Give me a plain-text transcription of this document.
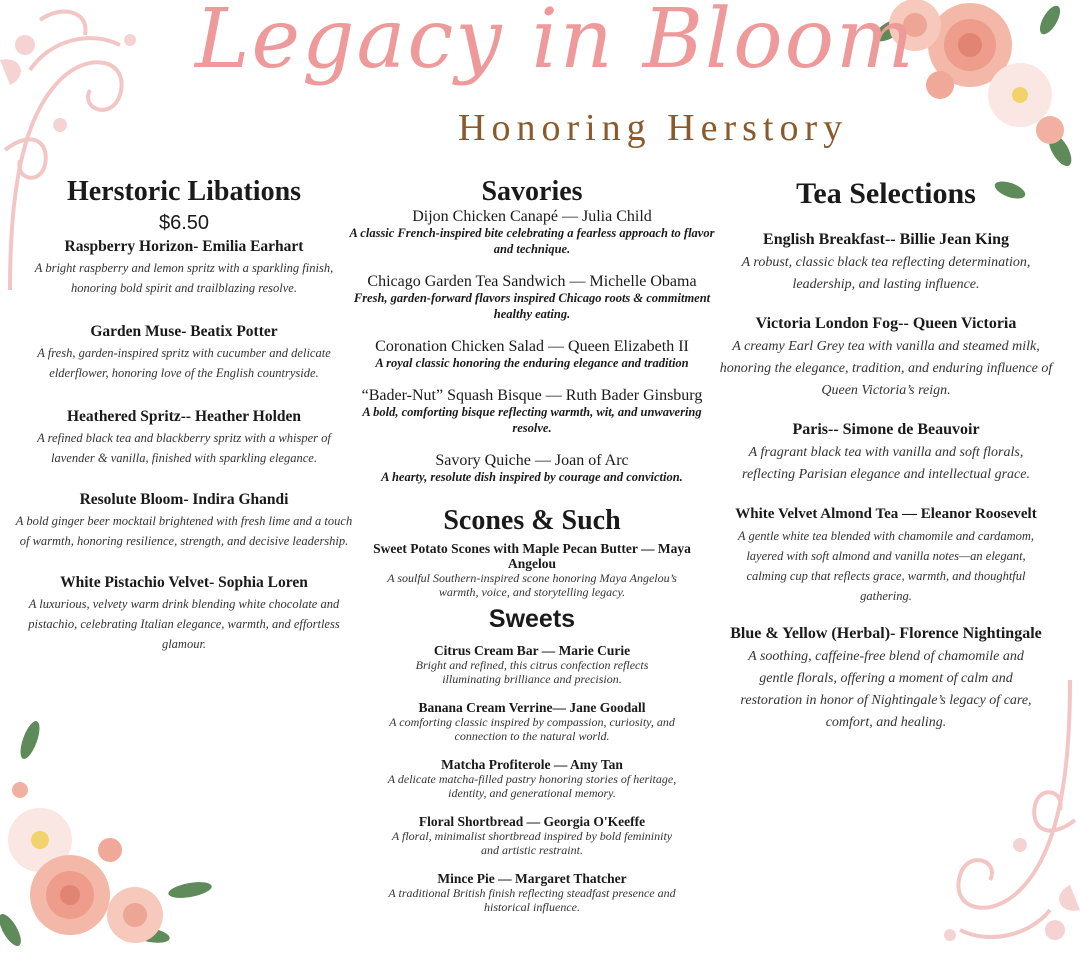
Legacy in Bloom
Honoring Herstory
Herstoric Libations
$6.50

Raspberry Horizon- Emilia Earhart

A bright raspberry and lemon spritz with a sparkling finish, honoring bold spirit and trailblazing resolve.

Garden Muse- Beatix Potter

A fresh, garden-inspired spritz with cucumber and delicate elderflower, honoring love of the English countryside.

Heathered Spritz-- Heather Holden

A refined black tea and blackberry spritz with a whisper of lavender & vanilla, finished with sparkling elegance.

Resolute Bloom- Indira Ghandi

A bold ginger beer mocktail brightened with fresh lime and a touch of warmth, honoring resilience, strength, and decisive leadership.

White Pistachio Velvet- Sophia Loren

A luxurious, velvety warm drink blending white chocolate and pistachio, celebrating Italian elegance, warmth, and effortless glamour.

Savories

Dijon Chicken Canapé — Julia Child

A classic French-inspired bite celebrating a fearless approach to flavor and technique.

Chicago Garden Tea Sandwich — Michelle Obama

Fresh, garden-forward flavors inspired Chicago roots & commitment healthy eating.

Coronation Chicken Salad — Queen Elizabeth II

A royal classic honoring the enduring elegance and tradition

“Bader-Nut” Squash Bisque — Ruth Bader Ginsburg

A bold, comforting bisque reflecting warmth, wit, and unwavering resolve.

Savory Quiche — Joan of Arc

A hearty, resolute dish inspired by courage and conviction.

Scones & Such

Sweet Potato Scones with Maple Pecan Butter — Maya Angelou

A soulful Southern-inspired scone honoring Maya Angelou’s warmth, voice, and storytelling legacy.

Sweets

Citrus Cream Bar — Marie Curie

Bright and refined, this citrus confection reflects illuminating brilliance and precision.

Banana Cream Verrine— Jane Goodall

A comforting classic inspired by compassion, curiosity, and connection to the natural world.

Matcha Profiterole — Amy Tan

A delicate matcha-filled pastry honoring stories of heritage, identity, and generational memory.

Floral Shortbread — Georgia O'Keeffe

A floral, minimalist shortbread inspired by bold femininity and artistic restraint.

Mince Pie — Margaret Thatcher

A traditional British finish reflecting steadfast presence and historical influence.

Tea Selections

English Breakfast-- Billie Jean King

A robust, classic black tea reflecting determination, leadership, and lasting influence.

Victoria London Fog-- Queen Victoria

A creamy Earl Grey tea with vanilla and steamed milk, honoring the elegance, tradition, and enduring influence of Queen Victoria’s reign.

Paris-- Simone de Beauvoir

A fragrant black tea with vanilla and soft florals, reflecting Parisian elegance and intellectual grace.

White Velvet Almond Tea — Eleanor Roosevelt

A gentle white tea blended with chamomile and cardamom, layered with soft almond and vanilla notes—an elegant, calming cup that reflects grace, warmth, and thoughtful gathering.

Blue & Yellow (Herbal)- Florence Nightingale

A soothing, caffeine-free blend of chamomile and gentle florals, offering a moment of calm and restoration in honor of Nightingale’s legacy of care, comfort, and healing.
